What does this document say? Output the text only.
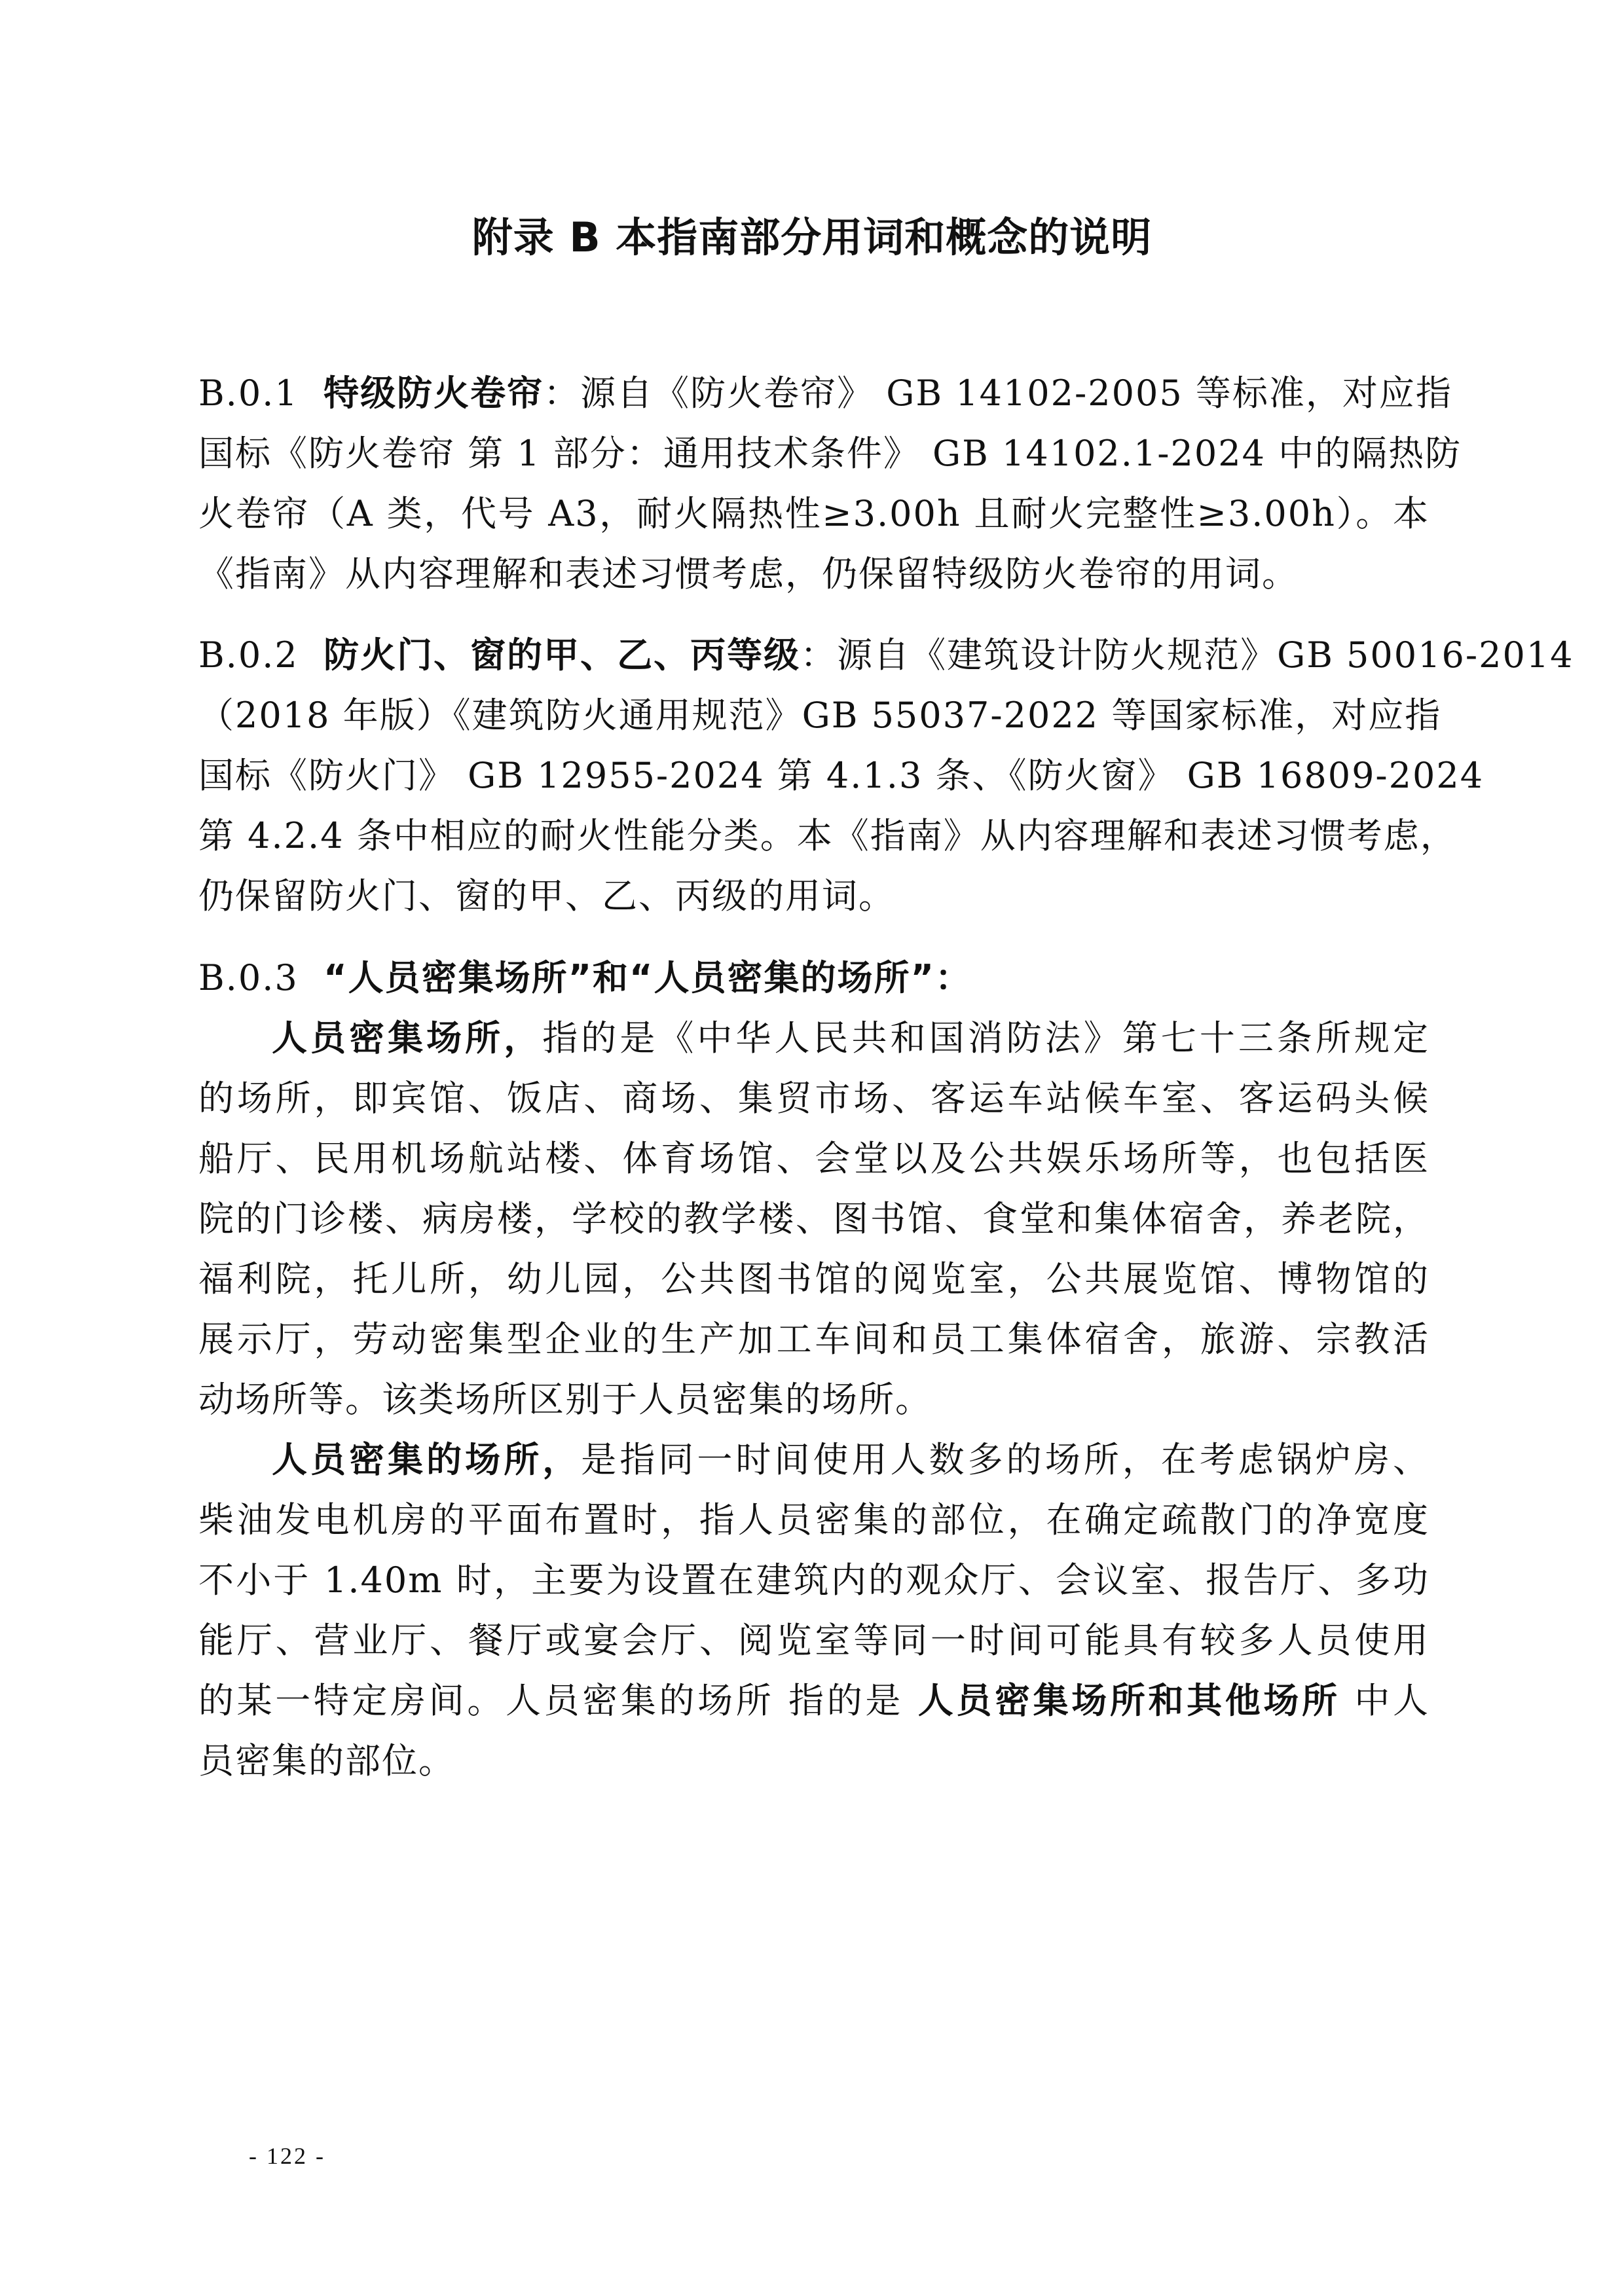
附录 B 本指南部分用词和概念的说明
B.0.1 特级防火卷帘：源自《防火卷帘》 GB 14102-2005 等标准，对应指
国标《防火卷帘 第 1 部分：通用技术条件》 GB 14102.1-2024 中的隔热防
火卷帘（A 类，代号 A3，耐火隔热性≥3.00h 且耐火完整性≥3.00h）。本
《指南》从内容理解和表述习惯考虑，仍保留特级防火卷帘的用词。
B.0.2 防火门、窗的甲、乙、丙等级：源自《建筑设计防火规范》GB 50016-2014
（2018 年版）《建筑防火通用规范》GB 55037-2022 等国家标准，对应指
国标《防火门》 GB 12955-2024 第 4.1.3 条、《防火窗》 GB 16809-2024
第 4.2.4 条中相应的耐火性能分类。本《指南》从内容理解和表述习惯考虑，
仍保留防火门、窗的甲、乙、丙级的用词。
B.0.3 “人员密集场所”和“人员密集的场所”：
人员密集场所，指的是《中华人民共和国消防法》第七十三条所规定
的场所，即宾馆、饭店、商场、集贸市场、客运车站候车室、客运码头候
船厅、民用机场航站楼、体育场馆、会堂以及公共娱乐场所等，也包括医
院的门诊楼、病房楼，学校的教学楼、图书馆、食堂和集体宿舍，养老院，
福利院，托儿所，幼儿园，公共图书馆的阅览室，公共展览馆、博物馆的
展示厅，劳动密集型企业的生产加工车间和员工集体宿舍，旅游、宗教活
动场所等。该类场所区别于人员密集的场所。
人员密集的场所，是指同一时间使用人数多的场所，在考虑锅炉房、
柴油发电机房的平面布置时，指人员密集的部位，在确定疏散门的净宽度
不小于 1.40m 时，主要为设置在建筑内的观众厅、会议室、报告厅、多功
能厅、营业厅、餐厅或宴会厅、阅览室等同一时间可能具有较多人员使用
的某一特定房间。人员密集的场所 指的是 人员密集场所和其他场所 中人
员密集的部位。
- 122 -
